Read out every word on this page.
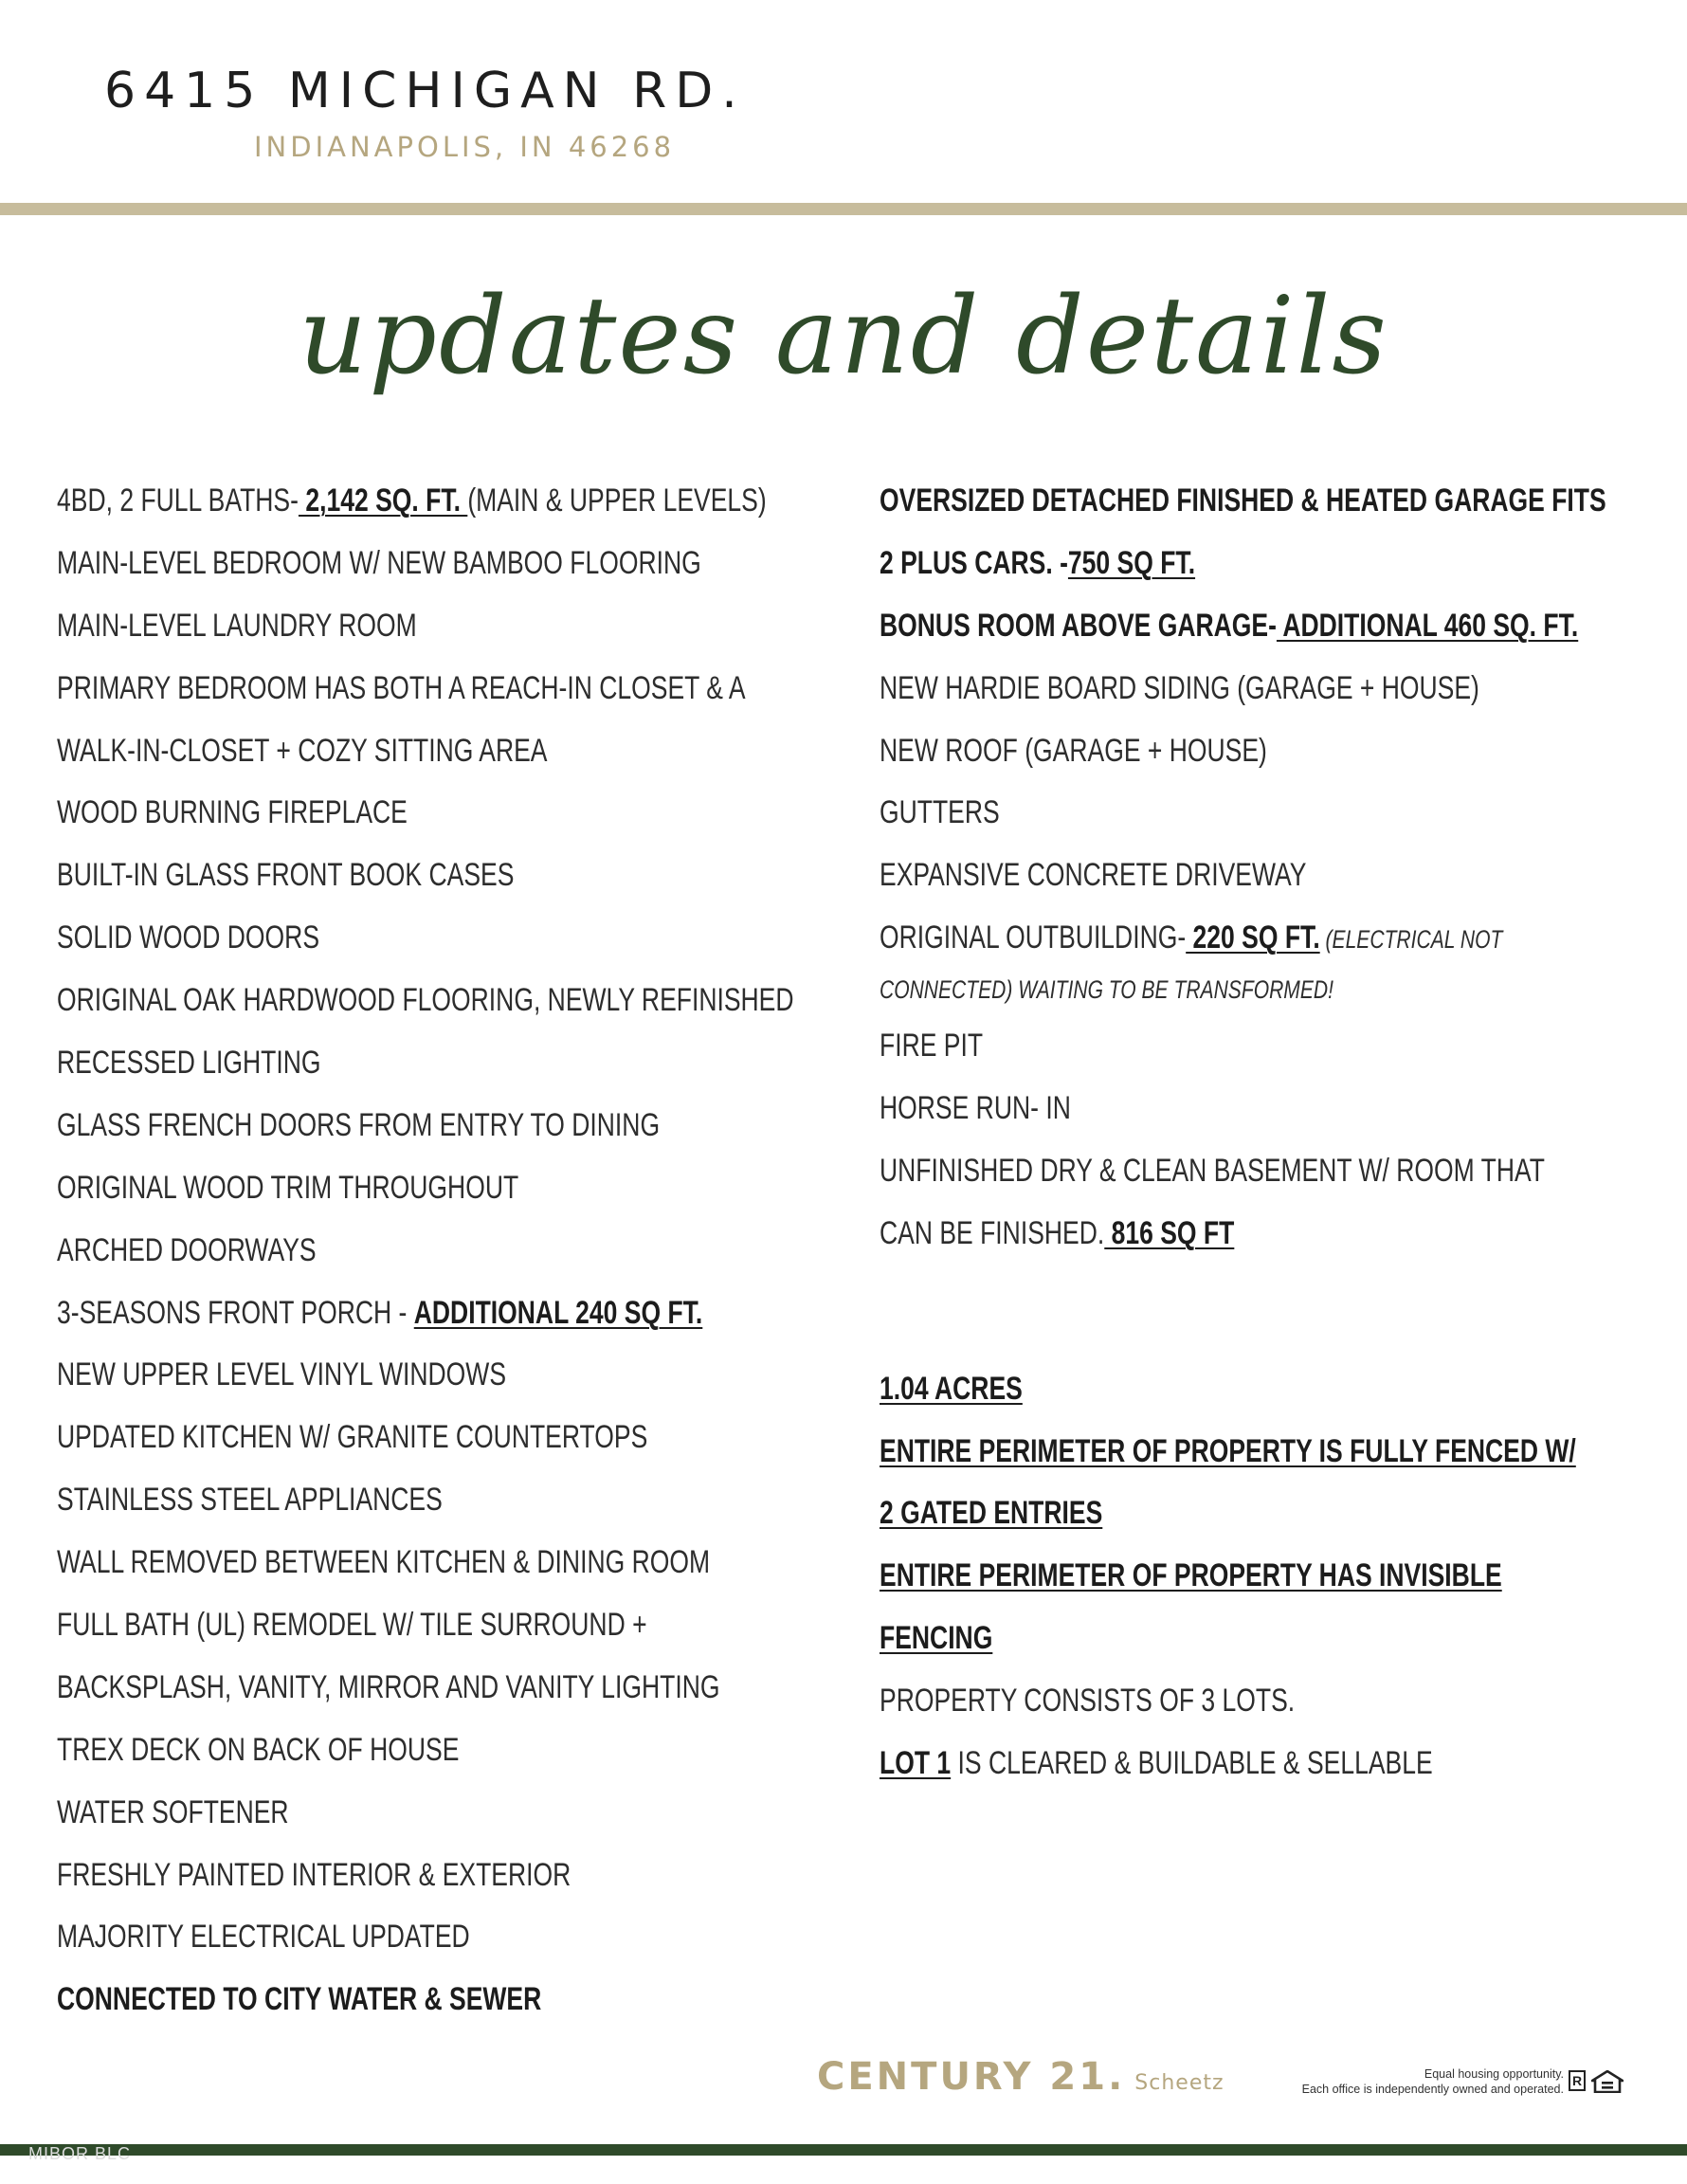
6415 MICHIGAN RD.
INDIANAPOLIS, IN 46268
updates and details
4BD, 2 FULL BATHS- 2,142 SQ. FT. (MAIN & UPPER LEVELS)
MAIN-LEVEL BEDROOM W/ NEW BAMBOO FLOORING
MAIN-LEVEL LAUNDRY ROOM
PRIMARY BEDROOM HAS BOTH A REACH-IN CLOSET & A
WALK-IN-CLOSET + COZY SITTING AREA
WOOD BURNING FIREPLACE
BUILT-IN GLASS FRONT BOOK CASES
SOLID WOOD DOORS
ORIGINAL OAK HARDWOOD FLOORING, NEWLY REFINISHED
RECESSED LIGHTING
GLASS FRENCH DOORS FROM ENTRY TO DINING
ORIGINAL WOOD TRIM THROUGHOUT
ARCHED DOORWAYS
3-SEASONS FRONT PORCH - ADDITIONAL 240 SQ FT.
NEW UPPER LEVEL VINYL WINDOWS
UPDATED KITCHEN W/ GRANITE COUNTERTOPS
STAINLESS STEEL APPLIANCES
WALL REMOVED BETWEEN KITCHEN & DINING ROOM
FULL BATH (UL) REMODEL W/ TILE SURROUND +
BACKSPLASH, VANITY, MIRROR AND VANITY LIGHTING
TREX DECK ON BACK OF HOUSE
WATER SOFTENER
FRESHLY PAINTED INTERIOR & EXTERIOR
MAJORITY ELECTRICAL UPDATED
CONNECTED TO CITY WATER & SEWER
OVERSIZED DETACHED FINISHED & HEATED GARAGE FITS
2 PLUS CARS. -750 SQ FT.
BONUS ROOM ABOVE GARAGE- ADDITIONAL 460 SQ. FT.
NEW HARDIE BOARD SIDING (GARAGE + HOUSE)
NEW ROOF (GARAGE + HOUSE)
GUTTERS
EXPANSIVE CONCRETE DRIVEWAY
ORIGINAL OUTBUILDING- 220 SQ FT. (ELECTRICAL NOT
CONNECTED) WAITING TO BE TRANSFORMED!
FIRE PIT
HORSE RUN- IN
UNFINISHED DRY & CLEAN BASEMENT W/ ROOM THAT
CAN BE FINISHED. 816 SQ FT
1.04 ACRES
ENTIRE PERIMETER OF PROPERTY IS FULLY FENCED W/
2 GATED ENTRIES
ENTIRE PERIMETER OF PROPERTY HAS INVISIBLE
FENCING
PROPERTY CONSISTS OF 3 LOTS.
LOT 1 IS CLEARED & BUILDABLE & SELLABLE
CENTURY 21. Scheetz	Equal housing opportunity.
Each office is independently owned and operated.
R
MIBOR BLC
